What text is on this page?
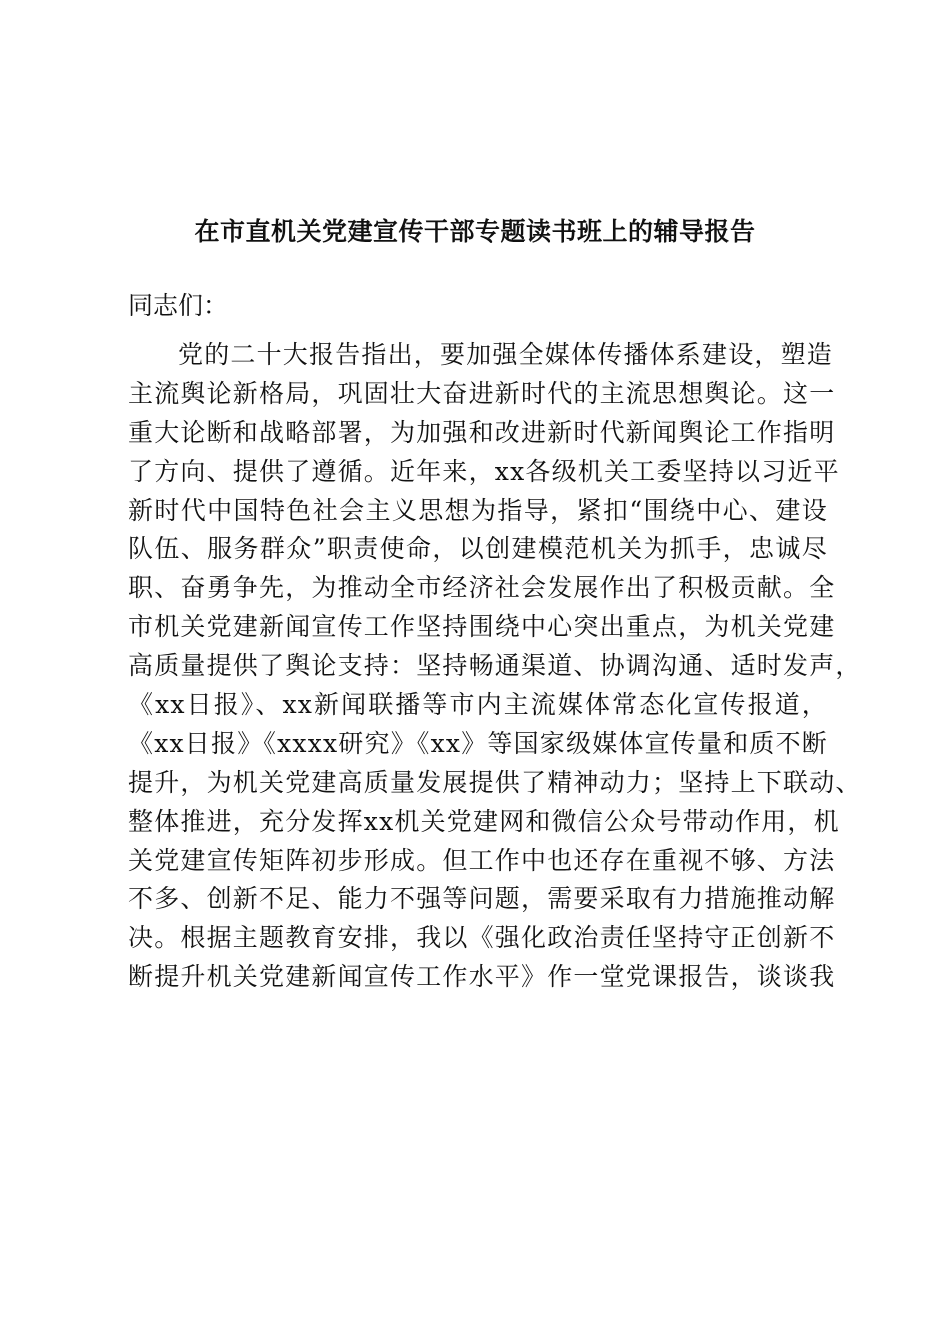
在市直机关党建宣传干部专题读书班上的辅导报告
同志们：
党的二十大报告指出，要加强全媒体传播体系建设，塑造
主流舆论新格局，巩固壮大奋进新时代的主流思想舆论。这一
重大论断和战略部署，为加强和改进新时代新闻舆论工作指明
了方向、提供了遵循。近年来，xx各级机关工委坚持以习近平
新时代中国特色社会主义思想为指导，紧扣“围绕中心、建设
队伍、服务群众”职责使命，以创建模范机关为抓手，忠诚尽
职、奋勇争先，为推动全市经济社会发展作出了积极贡献。全
市机关党建新闻宣传工作坚持围绕中心突出重点，为机关党建
高质量提供了舆论支持：坚持畅通渠道、协调沟通、适时发声，
《xx日报》、xx新闻联播等市内主流媒体常态化宣传报道，
《xx日报》《xxxx研究》《xx》等国家级媒体宣传量和质不断
提升，为机关党建高质量发展提供了精神动力；坚持上下联动、
整体推进，充分发挥xx机关党建网和微信公众号带动作用，机
关党建宣传矩阵初步形成。但工作中也还存在重视不够、方法
不多、创新不足、能力不强等问题，需要采取有力措施推动解
决。根据主题教育安排，我以《强化政治责任坚持守正创新不
断提升机关党建新闻宣传工作水平》作一堂党课报告，谈谈我
